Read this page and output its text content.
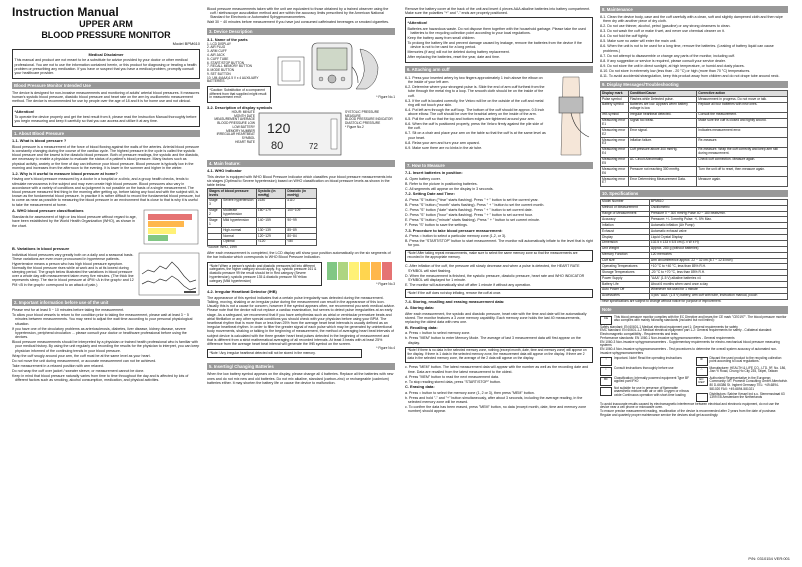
Instruction Manual
UPPER ARM
BLOOD PRESSURE MONITOR
Model BPM610
Medical Disclaimer
This manual and product are not meant to be a substitute for advice provided by your doctor or other medical professional. You are not to use the information contained herein, or this product for diagnosing or treating a health problem or prescribing any medication. If you have or suspect that you have a medical problem, promptly consult your healthcare provider.
Blood Pressure Monitor Intended Use
The device is designed for non-invasive measurements and monitoring of adults' arterial blood pressures. It measures human's systolic blood pressure, diastolic blood pressure and heart rate on the arm by oscillometric measurement method. The device is recommended for use by people over the age of 18 and it is for home use and not clinical.
*Attention!
To operate the device properly and get the best result from it, please read the Instruction Manual thoroughly before you begin measuring and keep it carefully so that you can access and utilize it at any time.
1. About Blood Pressure
1-1. What is blood pressure ?
Blood pressure is a measurement of the force of blood flowing against the walls of the arteries. Arterial blood pressure is constantly changing during the course of the cardiac cycle. The highest pressure in the cycle is called the systolic blood pressure and the lowest is the diastolic blood pressure. Both of pressure readings, the systolic and the diastolic, are necessary to enable a physician to evaluate the status of a patient's blood pressure. Many factors such as physical activity, anxiety or the time of day can influence your blood pressure. Blood pressure is typically low in the morning and increases from the afternoon to the evening. It is lower in the summer and higher in the winter.
1-2. Why is it useful to measure blood pressure at home?
Having one's blood pressure measured by a doctor in a hospital or a clinic, and a group health checks, tends to stimulate nervousness in the subject and may even create high blood pressure. Blood pressures also vary in accordance with a variety of conditions and so judgment is not possible on the basis of a single measurement. The blood pressure measured first thing in the morning after getting up, before taking any food and with the subject still, is known as the fundamental blood pressure. In practice it is rather difficult to record the fundamental blood pressure, but to come as near as possible to measuring the blood pressure in an environment that is close to that is why it is useful to take the measurement at home.
A. WHO blood pressure classifications
Standards for assessment of high or low blood pressure without regard to age, have been established by the World Health Organization (WHO), as shown in the chart.
B. Variations in blood pressure
Individual blood pressures vary greatly both on a daily and a seasonal basis. These variations are even more pronounced in hypertense patients. Hypertensive means a person who has high blood pressure symptom. Normally the blood pressure rises while at work and is at its lowest during sleeping period. The graph below illustrated the variations in blood pressure over a whole day with measurement taken every five minutes. (The thick line represents sleep. The rise in blood pressure at 4PM <A in the graph> and 12 PM <B in the graph> correspond to an attack of pain.)
2. Important information before use of the unit
Please rest for at least 5 ~ 10 minutes before taking the measurement.
To allow your blood vessels to return to the condition prior to taking the measurement, please wait at least 3 ~ 5 minutes between measurements. You may need to adjust the wait time according to your personal physiological situation.
If you have one of the circulatory problems as arteriosclerosis, diabetes, liver disease, kidney disease, severe hypertension, peripheral circulation ... please consult your doctor or healthcare professional before using the devices.
Blood pressure measurements should be interpreted by a physician or trained health professional who is familiar with your medical history. By using the unit regularly and recording the results for the physician to interpret, you can keep physician informed of the continuing trends in your blood pressure.
Wrap the cuff snugly around your arm, the cuff must be at the same level as your heart.
Do not move the unit during measurement, or accurate measurement can not be achieved.
Take measurement in a relaxed position with arm relaxed.
Do not wrap the cuff over jacket / sweater sleeve, or measurement cannot be done.
Keep in mind that blood pressure naturally varies from time to time throughout the day and is affected by lots of different factors such as smoking, alcohol consumption, medication, and physical activities.
Blood pressure measurements taken with the unit are equivalent to those obtained by a trained observer using the cuff / stethoscope auscultation method and are within the accuracy limits prescribed by the American National Standard for Electronic or Automated Sphygmomanometers.
Wait 30 ~ 40 minutes before measurement if you have just consumed caffeinated beverages or smoked cigarettes.
3. Device Description
3-1. Name of the parts
1. LCD DISPLAY
2. AIR PLUG
3. ARM CUFF
4. AIR JACK
5. CUFF TUBE
6. START/STOP BUTTON
7. RECALL MEMORY BUTTON
8. MODE BUTTON
9. SET BUTTON
10. UM-4(AAA)1.5 V x 4 AUXILIARY BATTERIES
*Caution: Substitution of a component different from that supplied might result in measurement error.	* Figure No.1
3-2. Description of display symbols
HOUR: MINUTE
MONTH DATE
MEASUREMENT AVERAGE
BLOOD PRESSURE LOW
LOW BATTERY
MEMORY NUMBER
IRREGULAR HEARTBEAT SYMBOL
HEART RATE
120
80	72
SYSTOLIC PRESSURE
MEASURE
BLOOD PRESSURE INDICATOR
DIASTOLIC PRESSURE
* Figure No.2
4. Main feature:
4-1. WHO Indicator
This device is equipped with WHO Blood Pressure Indicator which classifies your blood pressure measurements into six stages (Optimal to Severe hypertension) based on WHO classification on blood pressure levels as shown in the table below.
Stages of blood pressure levels		Systolic (in mmHg)	Diastolic (in mmHg)
Stage 3	Severe hypertension	≥180	≥110
Stage 2	Moderate hypertension	160~179	100~109
Stage 1	Mild hypertension	140~159	90~99
	High-normal	130~139	85~89
	Normal	120~129	80~84
	Optimal	<120	<80
*Source: WHO, 1999
After each measurement is completed, the LCD display will show your position automatically on the six segments of the bar indicator which corresponds to WHO Blood Pressure Indication.
*Note! When a person's systolic and diastolic pressures fall into different categories, the higher category should apply. e.g. systolic pressure 161 & diastolic pressure 99 the result should be in Red category (Severe hypertension); systolic pressure 135 & diastolic pressure 95 Yellow category (Mild hypertension)
* Figure No.3
4-2. Irregular Heartbeat Detector (IHB)
The appearance of this symbol indicates that a certain pulse irregularity was detected during the measurement. Talking, moving, shaking or an irregular pulse during the measurement can result in the appearance of this icon. Usually this is not a cause for concern, however if the symbol appears often, we recommend you seek medical advice. Please note that the device will not replace a cardiac examination, but serves to detect pulse irregularities at an early stage. As a safeguard, we recommend that if you have arrhythmias such as atrial or ventricular premature beats and atrial fibrillation or any other special conditions you should check with your physician before using your BPM. The heartbeat rhythm that is more than or less than 25% from the average heart beat intervals is usually defined as an irregular heartbeat rhythm. In order to filter the greater signal of each pulse which may be generated by unintentional body movements, shaking or talking in the beginning of measurement, the method of averaging heart beat intervals of subject device is calculated with the three greater heart beat pulses detected in the beginning of measurement and that is different from a strict mathematical averaging of all recorded intervals. At least 3 beats with at least 25% difference from the average heart beat interval will generate the IHB symbol on the screen.
*Note ! Any irregular heartbeat detected will not be stored in the memory.
* Figure No.4
5. Inserting/ Changing Batteries
When the low battery symbol appears on the display, please change all 4 batteries. Replace all the batteries with new ones and do not mix new and old batteries. Do not mix alkaline, standard (carbon-zinc) or rechargeable (cadmium) batteries either. It may shorten the battery life or cause the device to malfunction.
Remove the battery cover at the back of the unit and insert 4 pieces AAA alkaline batteries into battery compartment. Make sure the polarities "+" and "-" ends are properly positioned.
*Attention!
Batteries are hazardous waste. Do not dispose them together with the household garbage. Please take the used batteries to the recycling collection point according to your local regulations.
Keep the battery away from small children.
To prolong the battery life and prevent damage caused by leakage, remove the batteries from the device if the device is not to be used for a long period.
Memories (if any) will not be deleted during battery replacement.
After replacing the batteries, reset the year, date and time.
6. Attaching arm cuff
6-1. Press your inserted artery by two fingers approximately 1 inch above the elbow on the inside of your left arm.
6-2. Determine where your strongest pulse is. Slide the end of arm cuff furthest from the tube through the metal ring to a loop. The smooth cloth should be on the inside of the cuff.
6-3. If the cuff is located correctly, the Velcro will be on the outside of the cuff and metal ring will not touch your skin.
6-4. Put left arm through the cuff loop. The bottom of the cuff should be approx. 0.5 inch above elbow. The cuff should be over the brachial artery on the inside of the arm.
6-5. Pull the cuff so that the top and bottom edges are tightened around your arm.
6-6. When the cuff is positioned properly, press the Velcro firmly against the pile side of the cuff.
6-7. Sit on a chair and place your arm on the table so that the cuff is at the same level as your heart.
6-8. Relax your arm and turn your arm upward.
6-9. Make sure there are no kinks in the air tube.
7. How to Measure
7-1. Insert batteries in position:
A. Open battery cover.
B. Refer to the picture in positioning batteries.
C. All segments will appear on the display in 3 seconds.
7-2. Setting Date and Time:
A. Press "S" button ("Year" starts flashing). Press " + " button to set the current year.
B. Press "S" button ("month" starts flashing). Press " + " button to set the current month.
C. Press "S" button ("date" starts flashing). Press " + " button to set current date.
D. Press "S" button ("hour" starts flashing). Press " + " button to set current hour.
E. Press "S" button ("minute" starts flashing). Press " + " button to set current minute.
F. Press "S" button to save the settings.
7-3. Procedure to take blood pressure measurement:
A. Press = button to select a particular memory zone (1,2, or 3).
B. Press the "START/STOP" button to start measurement. The monitor will automatically inflate to the level that is right for you.
*Note! After taking repeat measurements, make sure to select the same memory zone so that the measurements are recorded in the appropriate memory.
C. After inflation of the cuff, the pressure will slowly decrease and when a pulse is detected, the HEART RATE SYMBOL will start flashing.
D. When the measurement is finished, the systolic pressure, diastolic pressure, heart rate and WHO INDICATOR SYMBOL will displayed for 1 minute.
E. The monitor will automatically shut off after 1 minute if without any operation.
*Note! If the cuff does not stop inflating, remove the cuff at once.
7-4. Storing, recalling and erasing measurement data:
A. Storing data:
After each measurement, the systolic and diastolic pressure, heart rate with the time and date will be automatically stored. The monitor features a 3 zone memory capability. Each memory zone holds the last 40 measurements, replacing the oldest data with new one.
B. Recalling data:
a. Press = button to select memory zone.
b. Press "MEM" button to enter Memory Mode. The average of last 3 measurement data will first appear on the display.
*Note! If there is no data in the selected memory zone, nothing (except month, date, time and memory zone) will appear on the display. If there is 1 data in the selected memory zone, the measurement data will appear on the display. If there are 2 data in the selected memory zone, the average of the 2 data will appear on the display.
c. Press "MEM" button. The latest measurement data will appear with the number as well as the recording date and time. Data are recalled from the latest measurement to the oldest.
d. Press "MEM" button to read the next measurement data.
e. To stop reading stored data, press "START/STOP" button.
C. Erasing data:
a. Press = button to select the memory zone (1, 2 or 3), then press "MEM" button.
b. Press and hold "-" and "+" button simultaneously, after about 3 seconds, including the average reading, in the selected memory zone will be erased.
c. To confirm the data has been erased, press "MEM" button, no data (except month, date, time and memory zone number) should appear.
8. Maintenance
8-1. Clean the device body, case and the cuff carefully with a clean, soft and slightly dampened cloth and then wipe them dry with another piece of dry cloth.
8-2. Do not use thinner, alcohol, petrol (gasoline) or any strong cleansers to clean.
8-3. Do not wash the cuff or make it wet, and never use chemical cleaner on it.
8-4. Do not fold the cuff tightly.
8-5. Make sure no water will enter the main unit.
8-6. When the unit is not to be used for a long time, remove the batteries. (Leaking of battery liquid can cause problems.)
8-7. Do not attempt to disassemble or change any parts of the monitor, including cuff.
8-8. If any suggestion or service is required, please consult your service dealer.
8-9. Do not store the unit in direct sunlight, at high temperature, or humid and dusty places.
8-10. Do not store in extremely low (less than - 20 °C) or high (more than 70 °C) temperatures.
8-11. To avoid accidental strangulation, keep this product away from children and do not drape tube around neck.
9. Display Messages/Troubleshooting
Display mark	Condition/Cause	Corrective action
Pulse symbol	Flashes while Detected pulse.	Measurement in progress. Do not move or talk.
Battery symbol	Batteries are low. Appears when battery voltage is low.	Replace all four batteries with new ones.
IHB symbol	Irregular heartbeat detected.	Consult the measurement.
Measuring error E1	Signal too weak.	Make sure the cuff is closed and tightly wound.
Measuring error E2	Error signal.	Indicates measurement error.
Measuring error E3	Inflation failure.	Re-measure.
Measuring error E4	Cuff pressure above 300 mmHg.	Re-measure. Wrap the cuff correctly and keep arm still during measurement.
Measuring error E5	AC Circuit Abnormality.	Check cuff connection. Measure again.
Measuring error E6	Pressure not reaching 300 mmHg.	Turn the unit off to reset, then measure again.
Measuring error E7	Error Determining Measurement Data.	Measure again.
10. Specifications
Model Number	BPM610
Method of Measurement	Oscillometric
Range of Measurement	Pressure 0 ~ 300 mmHg Pulse 40 ~ 180 beats/min.
Accuracy	Pressure: +/- 3 mmHg Pulse: +/- 5% Max.
Inflation	Automatic inflation (Air Pump)
Exhaust	Automatic exhaust valve
Display	Liquid Crystal Display
Dimension	102.5 x 133 x 5.5 cm (L x W x H)
Unit Weight	Approx. 280 g (without batteries)
Memory Function	120 memories
Cuff size	Arm circumference approx. 22 ~ 32 cm (8.7 ~ 12.6 inch)
Operating Temperatures	+10 °C to +40 °C, less than 85% R.H.
Storage Temperatures	-20 °C to +70 °C, less than 85% R.H.
Power Supply	"AAA" (1.5 V) alkaline batteries x4
Battery Life	About 6 months when used once a day
Auto Power Off	Whenever not used for 1 minute
Accessories	4 pcs "AAA" (1.5 V) battery, arm cuff with tube, instruction manual, pouch
These specifications are subject to change without notice for purpose of improvement.
Note
CE	This blood pressure monitor complies with the EC Directive and bears the CE mark "CE0197". The blood pressure monitor also complies with mainly following standards (included but not limited):
Safety standard: EN 60601-1 Medical electrical equipment part 1: General requirements for safety
EMC standard: EN 60601-1-2 Medical electrical equipment part 1-2: General requirements for safety - Collateral standard: Electromagnetic compatibility - Requirements and tests
Performance standards: EN 1060-1 Non-invasive sphygmomanometers - General requirements
EN 1060-3 Non-invasive sphygmomanometers - Supplementary requirements for electro-mechanical blood pressure measuring systems
EN 1060-4 Non-invasive sphygmomanometers - Test procedures to determine the overall system accuracy of automated non-invasive sphygmomanometers
!	Important. Note! Read the operating instructions
i	Consult instructions thoroughly before use
BF	Classification: Internally powered equipment Type BF applied part IPX0
Not suitable for use in presence of flammable anaesthetic mixture with air or with Oxygen or nitrous oxide Continuous operation with short-time loading
♻	Discard the used product to the recycling collection point according to local regulations.
⌂	Manufacturer: HEALTH & LIFE CO., LTD. 9F, No. 186, Jian Yi Road, Chung Ho City 235, Taipei, Taiwan
EC REP
Authorized Representative in the European Community: MT Promedt Consulting GmbH Altenhofstr. 80 D-66386 St. Ingbert Germany TEL: +49-6894-581020 FAX: +49-6894-581021
Distributors: Sabine Kessel ind s.u. Siemensstraat 63 1399 EB Amsterdam the Netherlands
To avoid inaccurate results caused by electromagnetic interference between electrical and electronic equipment, do not use the device near a cell phone or microwave oven.
To ensure precise measurement reading, recalibration of the device is recommended after 2 years from the date of purchase. Regular and quarterly proper maintenance service the devices shall get accordingly.
P/N: 0310154 VER:001
